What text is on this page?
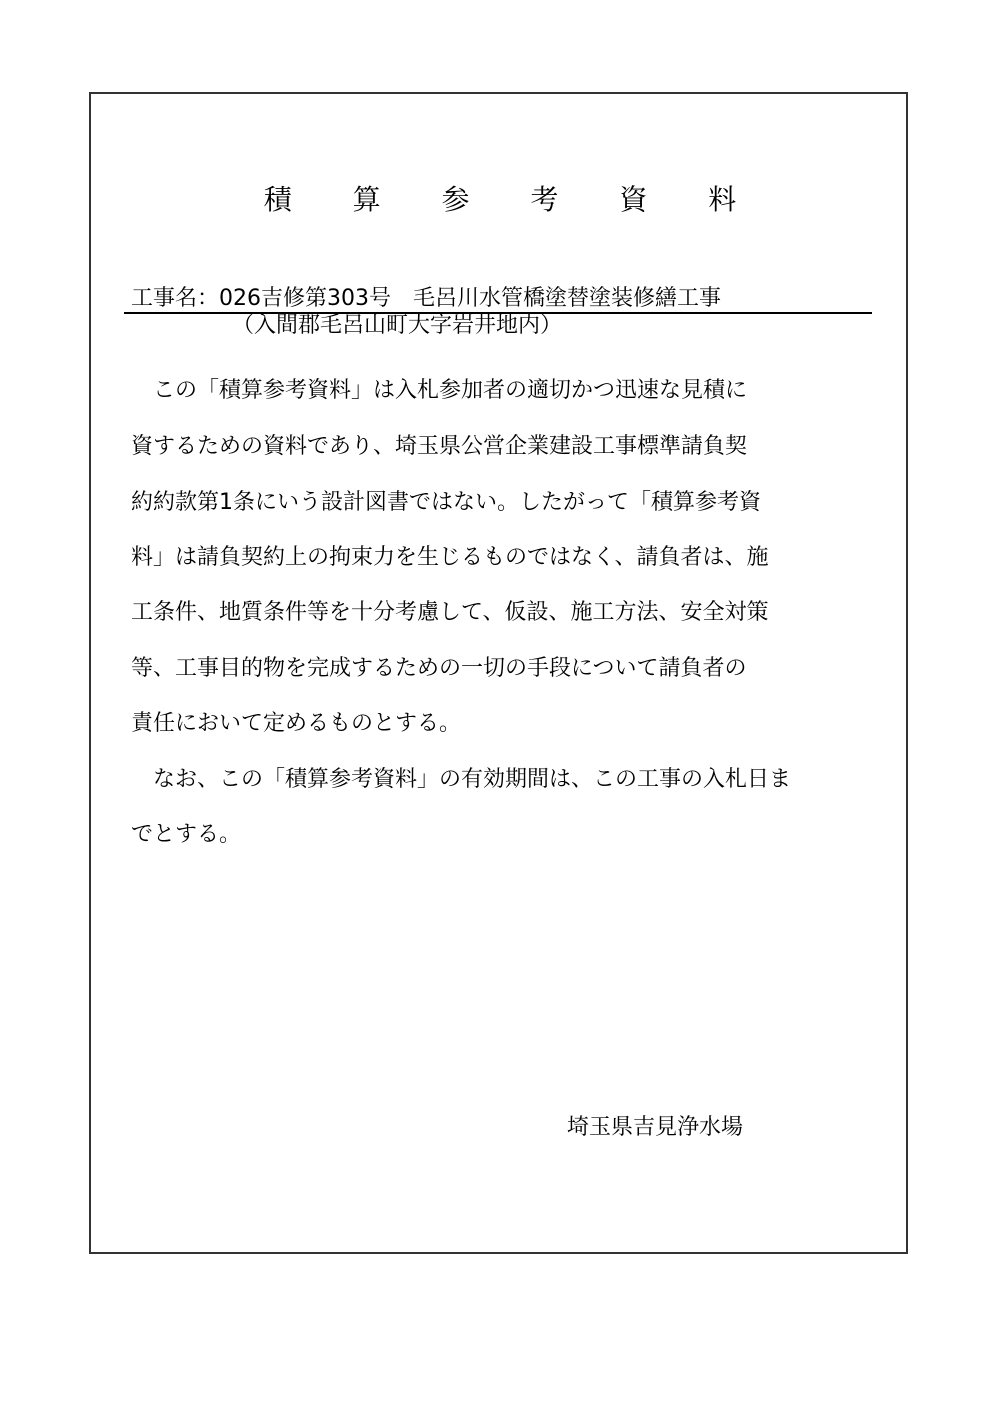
積 算 参 考 資 料
工事名：026吉修第303号　毛呂川水管橋塗替塗装修繕工事
（入間郡毛呂山町大字岩井地内）
　この「積算参考資料」は入札参加者の適切かつ迅速な見積に
資するための資料であり、埼玉県公営企業建設工事標準請負契
約約款第1条にいう設計図書ではない。したがって「積算参考資
料」は請負契約上の拘束力を生じるものではなく、請負者は、施
工条件、地質条件等を十分考慮して、仮設、施工方法、安全対策
等、工事目的物を完成するための一切の手段について請負者の
責任において定めるものとする。
　なお、この「積算参考資料」の有効期間は、この工事の入札日ま
でとする。
埼玉県吉見浄水場
